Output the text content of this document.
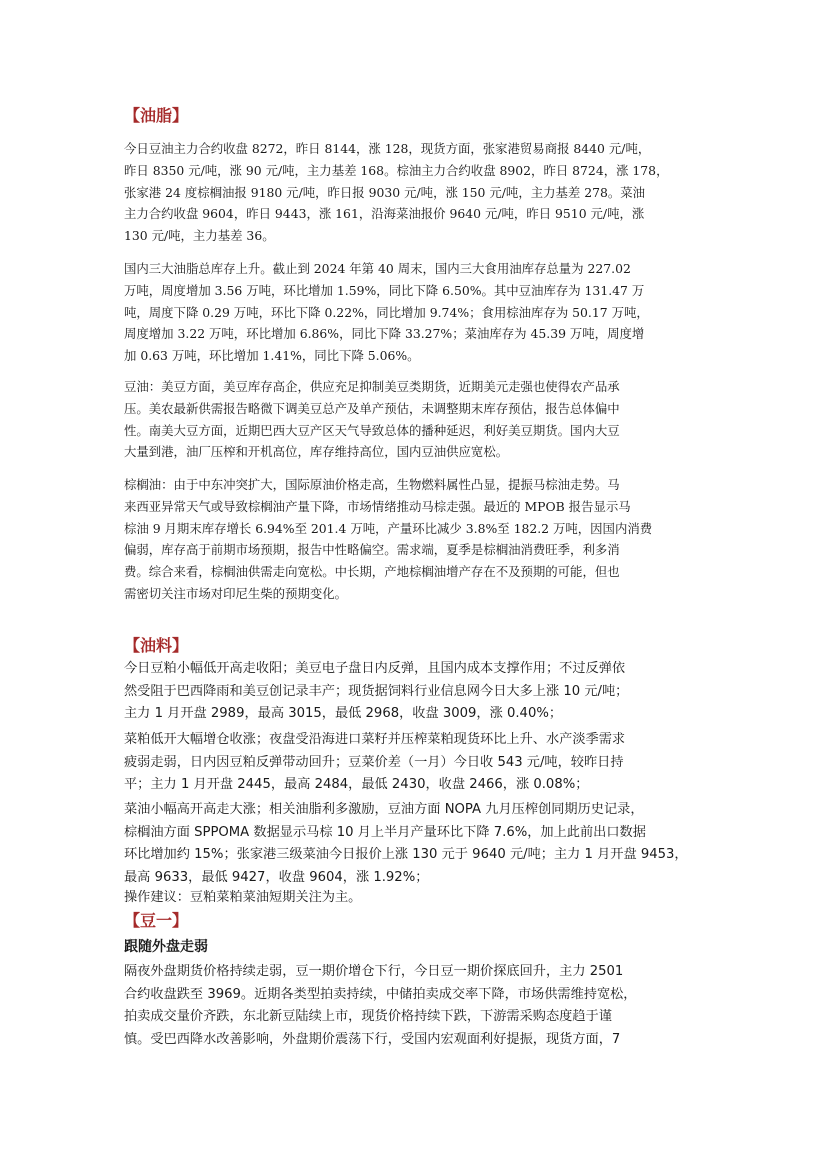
【油脂】

今日豆油主力合约收盘 8272，昨日 8144，涨 128，现货方面，张家港贸易商报 8440 元/吨，
昨日 8350 元/吨，涨 90 元/吨，主力基差 168。棕油主力合约收盘 8902，昨日 8724，涨 178，
张家港 24 度棕榈油报 9180 元/吨，昨日报 9030 元/吨，涨 150 元/吨，主力基差 278。菜油
主力合约收盘 9604，昨日 9443，涨 161，沿海菜油报价 9640 元/吨，昨日 9510 元/吨，涨
130 元/吨，主力基差 36。

国内三大油脂总库存上升。截止到 2024 年第 40 周末，国内三大食用油库存总量为 227.02
万吨，周度增加 3.56 万吨，环比增加 1.59%，同比下降 6.50%。其中豆油库存为 131.47 万
吨，周度下降 0.29 万吨，环比下降 0.22%，同比增加 9.74%；食用棕油库存为 50.17 万吨，
周度增加 3.22 万吨，环比增加 6.86%，同比下降 33.27%；菜油库存为 45.39 万吨，周度增
加 0.63 万吨，环比增加 1.41%，同比下降 5.06%。

豆油：美豆方面，美豆库存高企，供应充足抑制美豆类期货，近期美元走强也使得农产品承
压。美农最新供需报告略微下调美豆总产及单产预估，未调整期末库存预估，报告总体偏中
性。南美大豆方面，近期巴西大豆产区天气导致总体的播种延迟，利好美豆期货。国内大豆
大量到港，油厂压榨和开机高位，库存维持高位，国内豆油供应宽松。

棕榈油：由于中东冲突扩大，国际原油价格走高，生物燃料属性凸显，提振马棕油走势。马
来西亚异常天气或导致棕榈油产量下降，市场情绪推动马棕走强。最近的 MPOB 报告显示马
棕油 9 月期末库存增长 6.94%至 201.4 万吨，产量环比减少 3.8%至 182.2 万吨，因国内消费
偏弱，库存高于前期市场预期，报告中性略偏空。需求端，夏季是棕榈油消费旺季，利多消
费。综合来看，棕榈油供需走向宽松。中长期，产地棕榈油增产存在不及预期的可能，但也
需密切关注市场对印尼生柴的预期变化。

【油料】

今日豆粕小幅低开高走收阳；美豆电子盘日内反弹，且国内成本支撑作用；不过反弹依
然受阻于巴西降雨和美豆创记录丰产；现货据饲料行业信息网今日大多上涨 10 元/吨；
主力 1 月开盘 2989，最高 3015，最低 2968，收盘 3009，涨 0.40%；

菜粕低开大幅增仓收涨；夜盘受沿海进口菜籽并压榨菜粕现货环比上升、水产淡季需求
疲弱走弱，日内因豆粕反弹带动回升；豆菜价差（一月）今日收 543 元/吨，较昨日持
平；主力 1 月开盘 2445，最高 2484，最低 2430，收盘 2466，涨 0.08%；

菜油小幅高开高走大涨；相关油脂利多激励，豆油方面 NOPA 九月压榨创同期历史记录，
棕榈油方面 SPPOMA 数据显示马棕 10 月上半月产量环比下降 7.6%，加上此前出口数据
环比增加约 15%；张家港三级菜油今日报价上涨 130 元于 9640 元/吨；主力 1 月开盘 9453，
最高 9633，最低 9427，收盘 9604，涨 1.92%；

操作建议：豆粕菜粕菜油短期关注为主。

【豆一】
跟随外盘走弱

隔夜外盘期货价格持续走弱，豆一期价增仓下行，今日豆一期价探底回升，主力 2501
合约收盘跌至 3969。近期各类型拍卖持续，中储拍卖成交率下降，市场供需维持宽松，
拍卖成交量价齐跌，东北新豆陆续上市，现货价格持续下跌，下游需采购态度趋于谨
慎。受巴西降水改善影响，外盘期价震荡下行，受国内宏观面利好提振，现货方面，7
